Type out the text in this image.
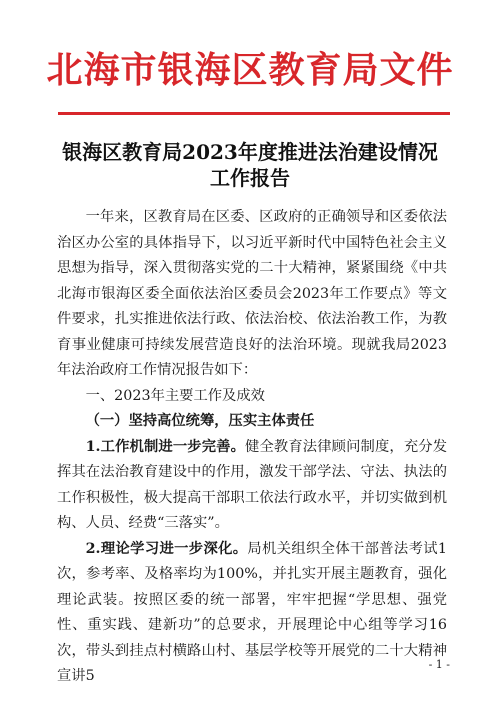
北海市银海区教育局文件
银海区教育局2023年度推进法治建设情况
工作报告

一年来，区教育局在区委、区政府的正确领导和区委依法治区办公室的具体指导下，以习近平新时代中国特色社会主义思想为指导，深入贯彻落实党的二十大精神，紧紧围绕《中共北海市银海区委全面依法治区委员会2023年工作要点》等文件要求，扎实推进依法行政、依法治校、依法治教工作，为教育事业健康可持续发展营造良好的法治环境。现就我局2023年法治政府工作情况报告如下：

一、2023年主要工作及成效

（一）坚持高位统筹，压实主体责任

1.工作机制进一步完善。健全教育法律顾问制度，充分发挥其在法治教育建设中的作用，激发干部学法、守法、执法的工作积极性，极大提高干部职工依法行政水平，并切实做到机构、人员、经费“三落实”。

2.理论学习进一步深化。局机关组织全体干部普法考试1次，参考率、及格率均为100%，并扎实开展主题教育，强化理论武装。按照区委的统一部署，牢牢把握“学思想、强党性、重实践、建新功”的总要求，开展理论中心组等学习16次，带头到挂点村横路山村、基层学校等开展党的二十大精神宣讲5

- 1 -
